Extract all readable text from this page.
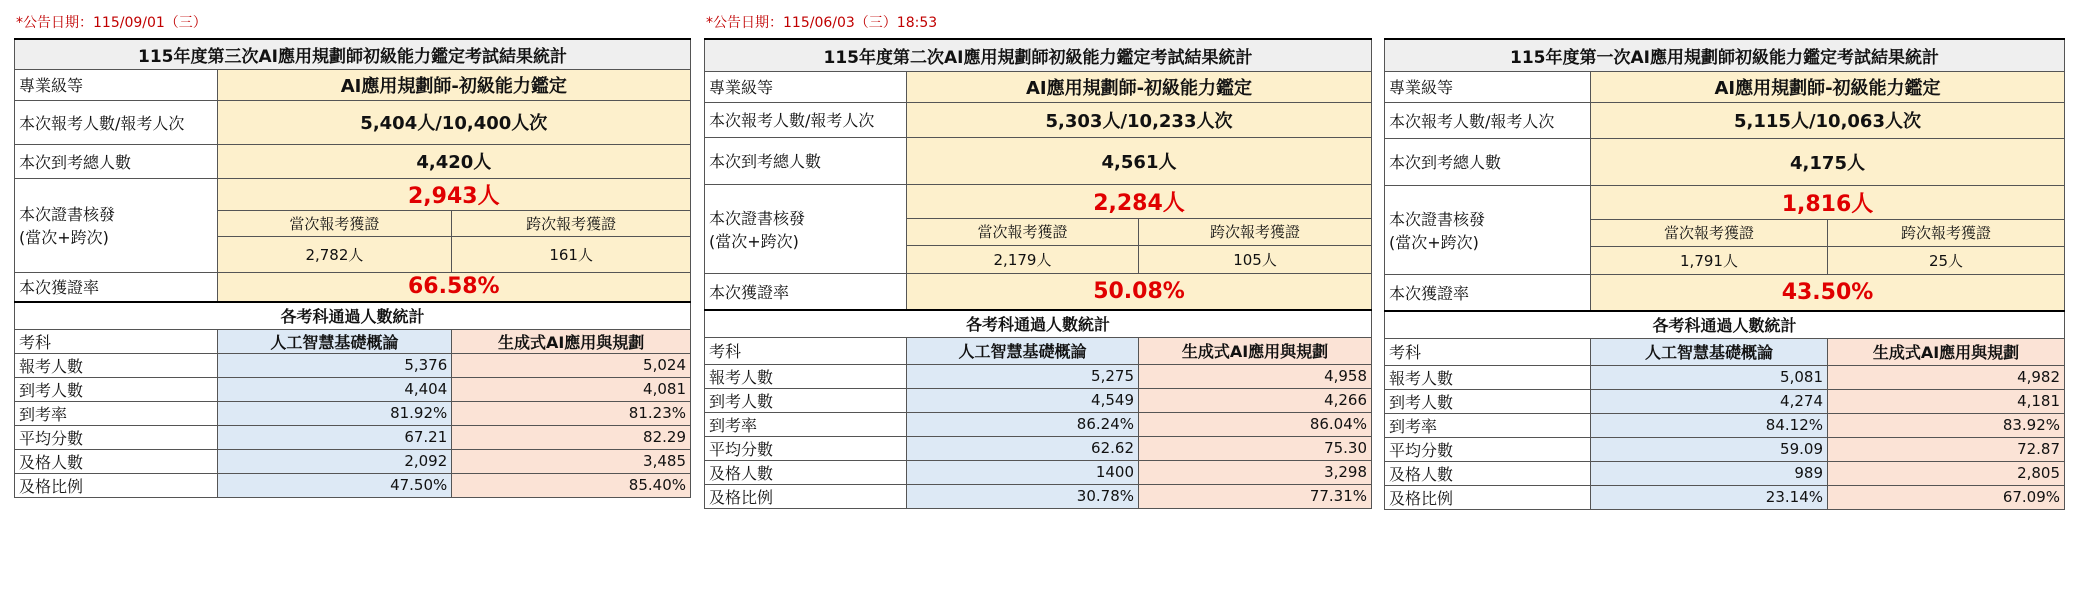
*公告日期：115/09/01（三）	*公告日期：115/06/03（三）18:53
115年度第三次AI應用規劃師初級能力鑑定考試結果統計		
專業級等	AI應用規劃師-初級能力鑑定	
本次報考人數/報考人次	5,404人/10,400人次	
本次到考總人數	4,420人	

本次證書核發
(當次+跨次)	2,943人	
	當次報考獲證	跨次報考獲證
	2,782人	161人
本次獲證率	66.58%	
各考科通過人數統計		
考科	人工智慧基礎概論	生成式AI應用與規劃
報考人數	5,376	5,024
到考人數	4,404	4,081
到考率	81.92%	81.23%
平均分數	67.21	82.29
及格人數	2,092	3,485
及格比例	47.50%	85.40%
115年度第二次AI應用規劃師初級能力鑑定考試結果統計		
專業級等	AI應用規劃師-初級能力鑑定	
本次報考人數/報考人次	5,303人/10,233人次	
本次到考總人數	4,561人	

本次證書核發
(當次+跨次)	2,284人	
	當次報考獲證	跨次報考獲證
	2,179人	105人
本次獲證率	50.08%	
各考科通過人數統計		
考科	人工智慧基礎概論	生成式AI應用與規劃
報考人數	5,275	4,958
到考人數	4,549	4,266
到考率	86.24%	86.04%
平均分數	62.62	75.30
及格人數	1400	3,298
及格比例	30.78%	77.31%
115年度第一次AI應用規劃師初級能力鑑定考試結果統計		
專業級等	AI應用規劃師-初級能力鑑定	
本次報考人數/報考人次	5,115人/10,063人次	
本次到考總人數	4,175人	

本次證書核發
(當次+跨次)	1,816人	
	當次報考獲證	跨次報考獲證
	1,791人	25人
本次獲證率	43.50%	
各考科通過人數統計		
考科	人工智慧基礎概論	生成式AI應用與規劃
報考人數	5,081	4,982
到考人數	4,274	4,181
到考率	84.12%	83.92%
平均分數	59.09	72.87
及格人數	989	2,805
及格比例	23.14%	67.09%
